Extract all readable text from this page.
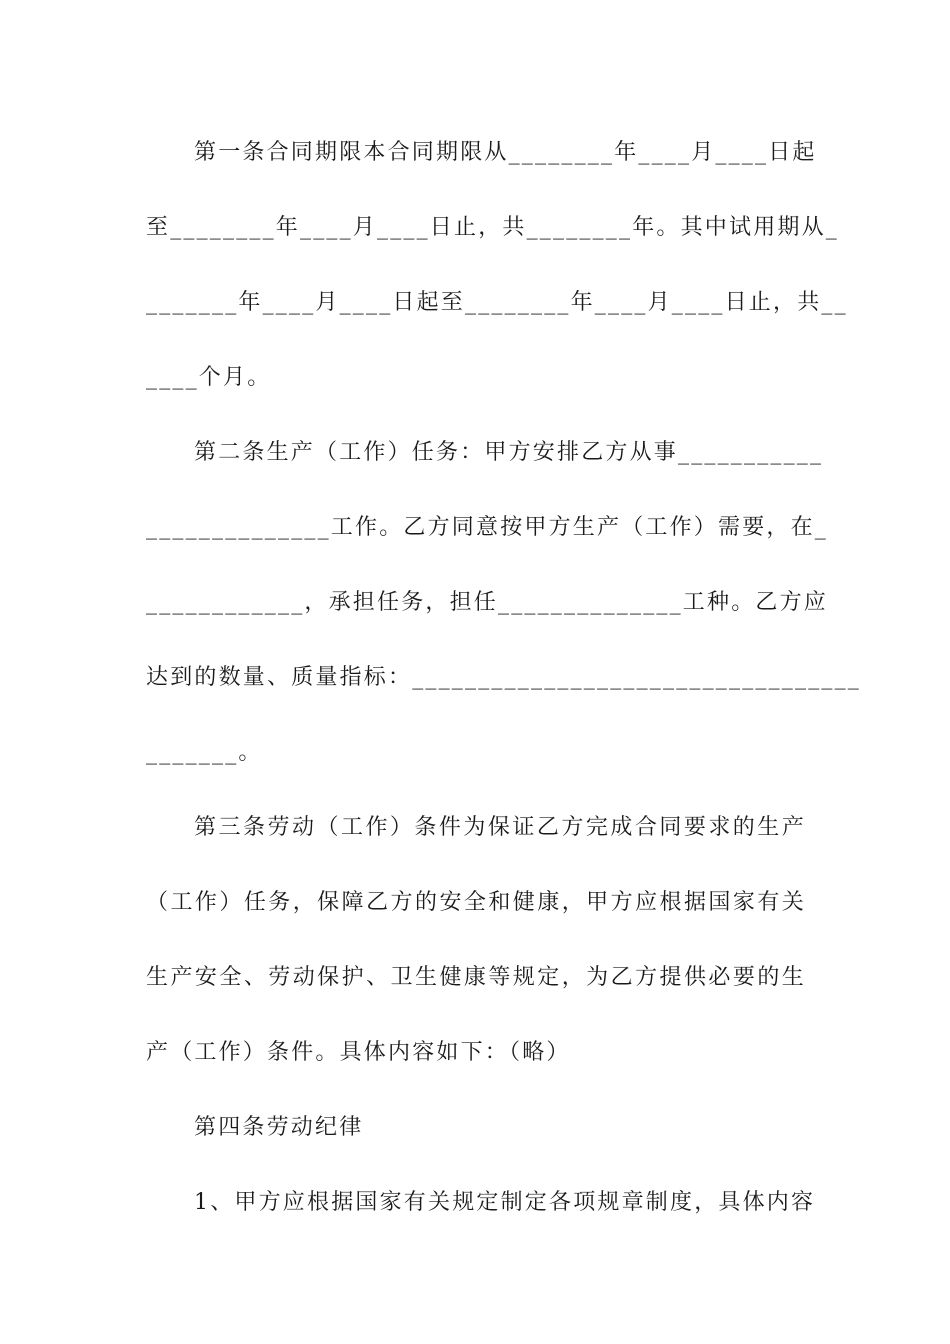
第一条合同期限本合同期限从________年____月____日起
至________年____月____日止，共________年。其中试用期从_
_______年____月____日起至________年____月____日止，共__
____个月。
第二条生产（工作）任务：甲方安排乙方从事___________
______________工作。乙方同意按甲方生产（工作）需要，在_
____________，承担任务，担任______________工种。乙方应
达到的数量、质量指标：__________________________________
_______。
第三条劳动（工作）条件为保证乙方完成合同要求的生产
（工作）任务，保障乙方的安全和健康，甲方应根据国家有关
生产安全、劳动保护、卫生健康等规定，为乙方提供必要的生
产（工作）条件。具体内容如下：（略）
第四条劳动纪律
1、甲方应根据国家有关规定制定各项规章制度，具体内容
